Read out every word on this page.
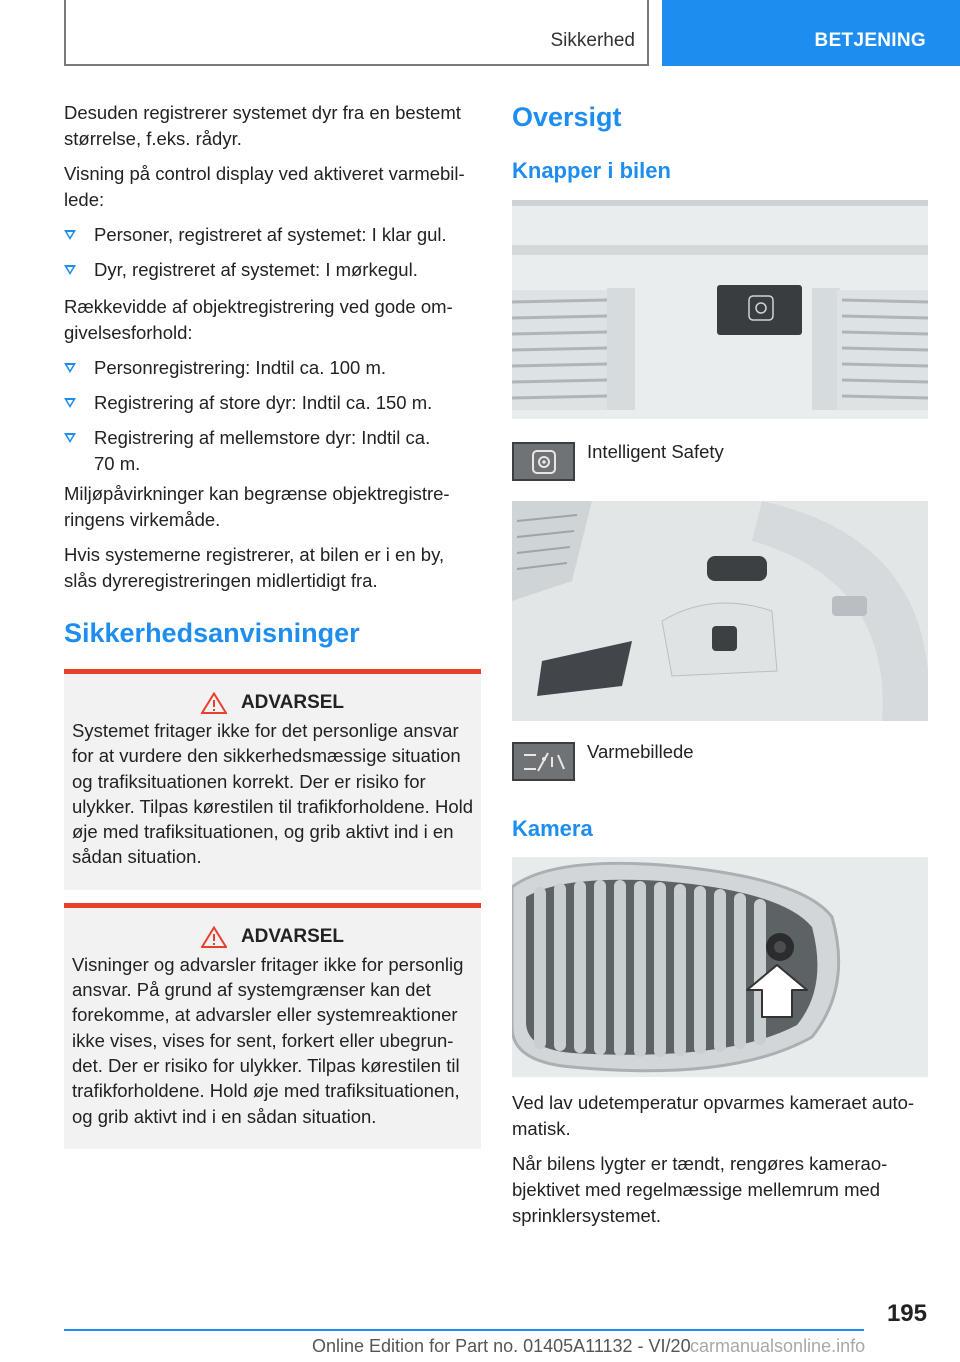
Sikkerhed	BETJENING

Desuden registrerer systemet dyr fra en bestemt størrelse, f.eks. rådyr.

Visning på control display ved aktiveret varmebillede:

Personer, registreret af systemet: I klar gul.
Dyr, registreret af systemet: I mørkegul.

Rækkevidde af objektregistrering ved gode omgivelsesforhold:

Personregistrering: Indtil ca. 100 m.
Registrering af store dyr: Indtil ca. 150 m.
Registrering af mellemstore dyr: Indtil ca. 70 m.

Miljøpåvirkninger kan begrænse objektregistreringens virkemåde.

Hvis systemerne registrerer, at bilen er i en by, slås dyreregistreringen midlertidigt fra.

Sikkerhedsanvisninger
ADVARSEL
Systemet fritager ikke for det personlige ansvar for at vurdere den sikkerhedsmæssige situation og trafiksituationen korrekt. Der er risiko for ulykker. Tilpas kørestilen til trafikforholdene. Hold øje med trafiksituationen, og grib aktivt ind i en sådan situation.
ADVARSEL
Visninger og advarsler fritager ikke for personlig ansvar. På grund af systemgrænser kan det forekomme, at advarsler eller systemreaktioner ikke vises, vises for sent, forkert eller ubegrundet. Der er risiko for ulykker. Tilpas kørestilen til trafikforholdene. Hold øje med trafiksituationen, og grib aktivt ind i en sådan situation.
Oversigt
Knapper i bilen
Intelligent Safety
Varmebillede
Kamera

Ved lav udetemperatur opvarmes kameraet automatisk.

Når bilens lygter er tændt, rengøres kameraobjektivet med regelmæssige mellemrum med sprinklersystemet.

195
Online Edition for Part no. 01405A11132 - VI/20 carmanualsonline.info
